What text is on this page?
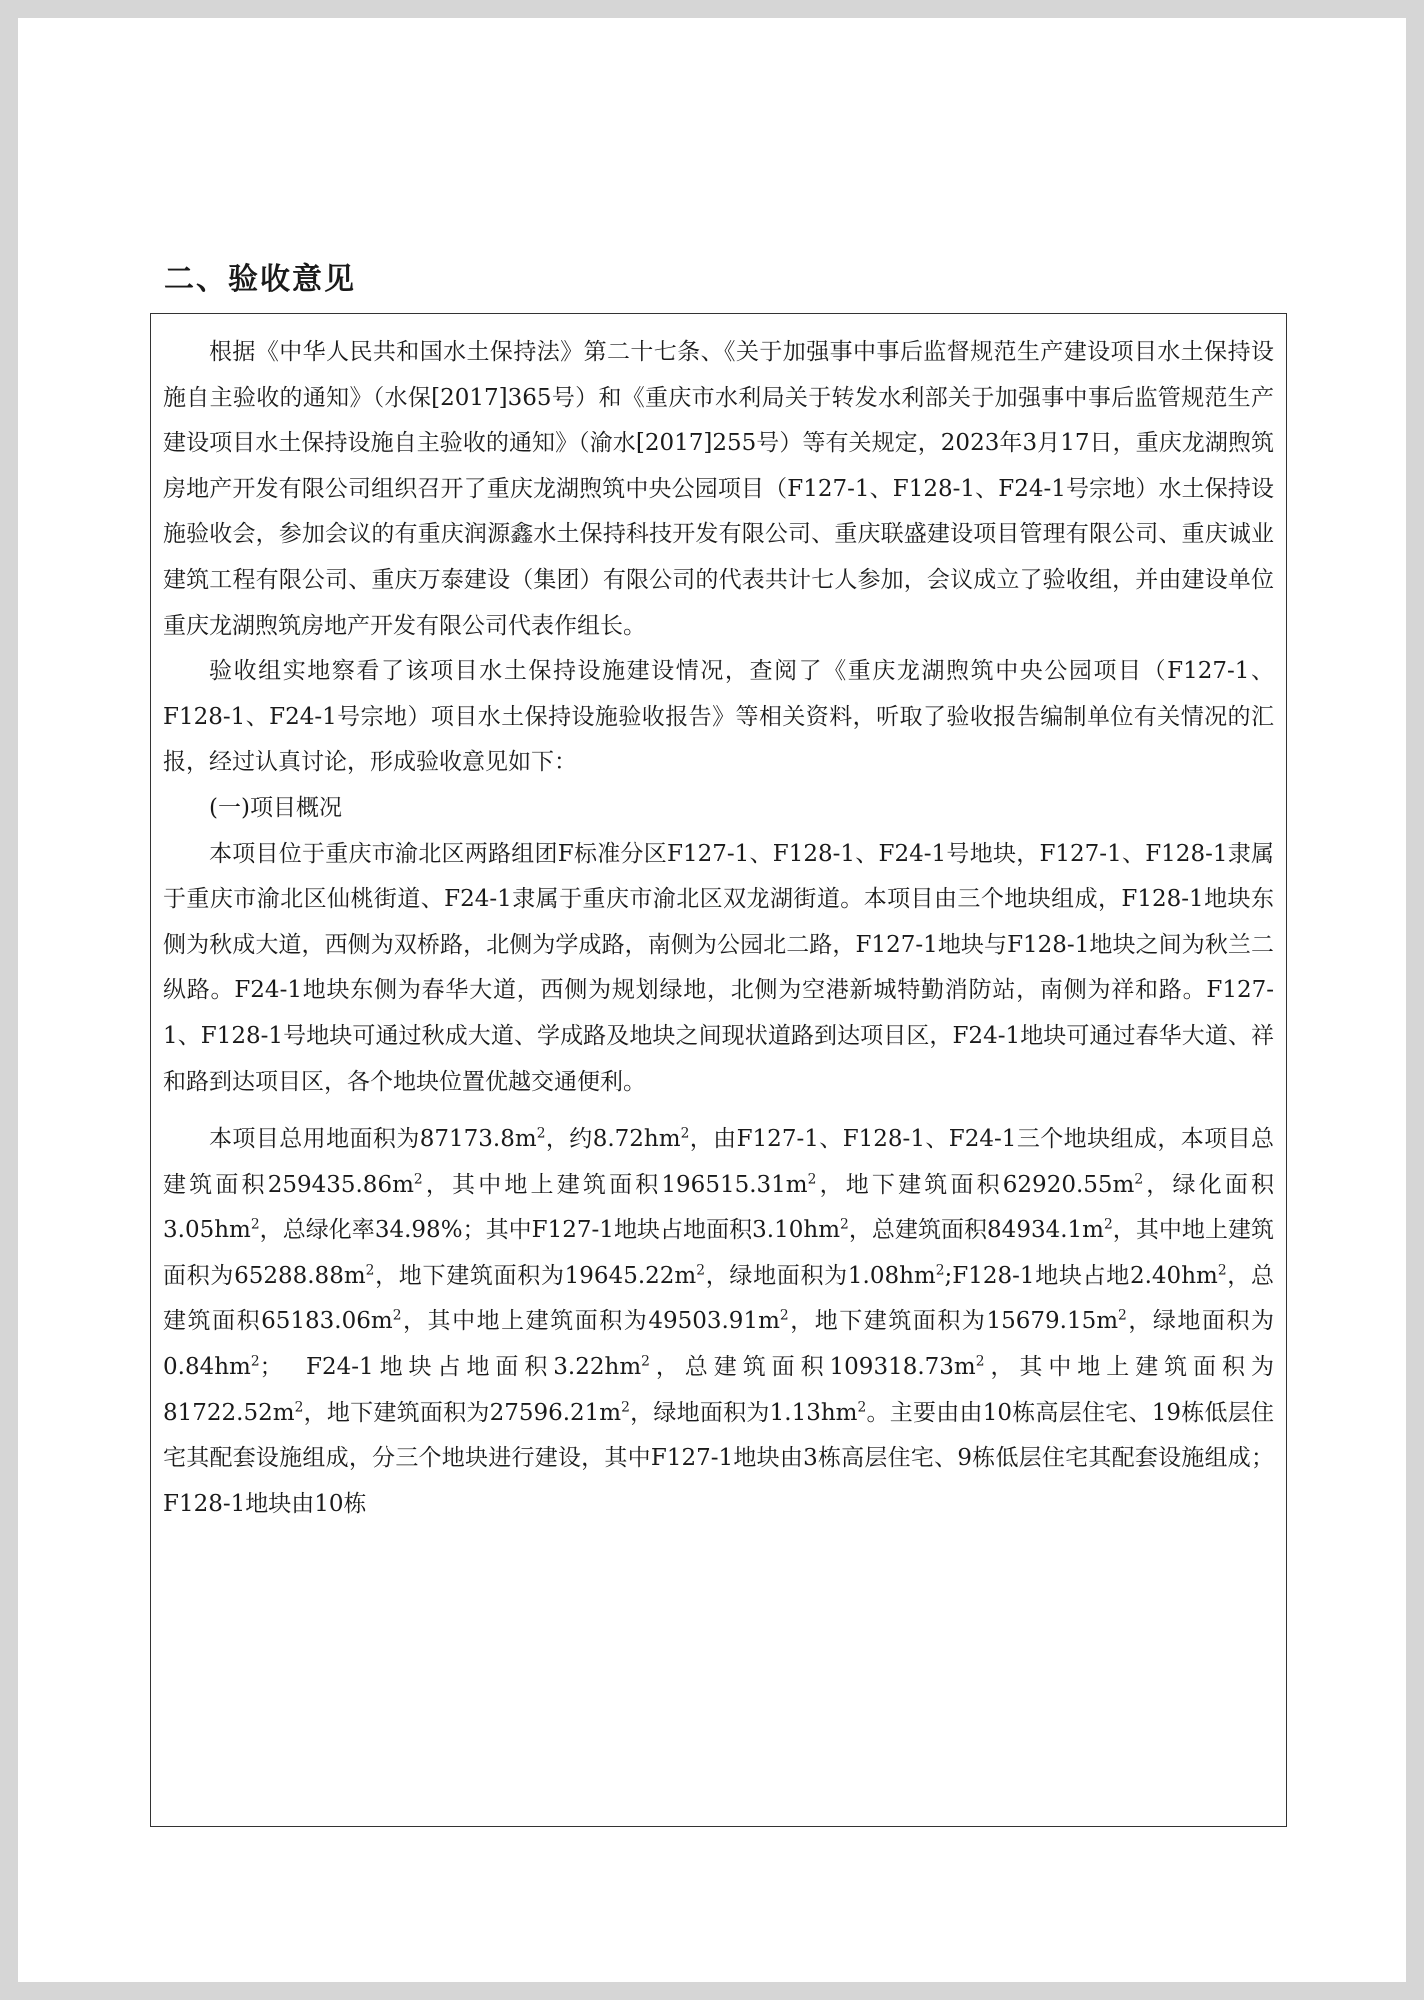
二、验收意见

根据《中华人民共和国水土保持法》第二十七条、《关于加强事中事后监督规范生产建设项目水土保持设施自主验收的通知》（水保[2017]365号）和《重庆市水利局关于转发水利部关于加强事中事后监管规范生产建设项目水土保持设施自主验收的通知》（渝水[2017]255号）等有关规定，2023年3月17日，重庆龙湖煦筑房地产开发有限公司组织召开了重庆龙湖煦筑中央公园项目（F127-1、F128-1、F24-1号宗地）水土保持设施验收会，参加会议的有重庆润源鑫水土保持科技开发有限公司、重庆联盛建设项目管理有限公司、重庆诚业建筑工程有限公司、重庆万泰建设（集团）有限公司的代表共计七人参加，会议成立了验收组，并由建设单位重庆龙湖煦筑房地产开发有限公司代表作组长。

验收组实地察看了该项目水土保持设施建设情况，查阅了《重庆龙湖煦筑中央公园项目（F127-1、F128-1、F24-1号宗地）项目水土保持设施验收报告》等相关资料，听取了验收报告编制单位有关情况的汇报，经过认真讨论，形成验收意见如下：

(一)项目概况

本项目位于重庆市渝北区两路组团F标准分区F127-1、F128-1、F24-1号地块，F127-1、F128-1隶属于重庆市渝北区仙桃街道、F24-1隶属于重庆市渝北区双龙湖街道。本项目由三个地块组成，F128-1地块东侧为秋成大道，西侧为双桥路，北侧为学成路，南侧为公园北二路，F127-1地块与F128-1地块之间为秋兰二纵路。F24-1地块东侧为春华大道，西侧为规划绿地，北侧为空港新城特勤消防站，南侧为祥和路。F127-1、F128-1号地块可通过秋成大道、学成路及地块之间现状道路到达项目区，F24-1地块可通过春华大道、祥和路到达项目区，各个地块位置优越交通便利。

本项目总用地面积为$87173.8m^2$，约$8.72hm^2$，由F127-1、F128-1、F24-1三个地块组成，本项目总建筑面积$259435.86m^2$，其中地上建筑面积$196515.31m^2$，地下建筑面积$62920.55m^2$，绿化面积$3.05hm^2$，总绿化率34.98%；其中F127-1地块占地面积$3.10hm^2$，总建筑面积$84934.1m^2$，其中地上建筑面积为$65288.88m^2$，地下建筑面积为$19645.22m^2$，绿地面积为$1.08hm^2;F128-1$地块占地$2.40hm^2$，总建筑面积$65183.06m^2$，其中地上建筑面积为$49503.91m^2$，地下建筑面积为$15679.15m^2$，绿地面积为$0.84hm^2$；　F24-1地块占地面积$3.22hm^2$，总建筑面积$109318.73m^2$，其中地上建筑面积为$81722.52m^2$，地下建筑面积为$27596.21m^2$，绿地面积为$1.13hm^2$。主要由由10栋高层住宅、19栋低层住宅其配套设施组成，分三个地块进行建设，其中F127-1地块由3栋高层住宅、9栋低层住宅其配套设施组成；F128-1地块由10栋
